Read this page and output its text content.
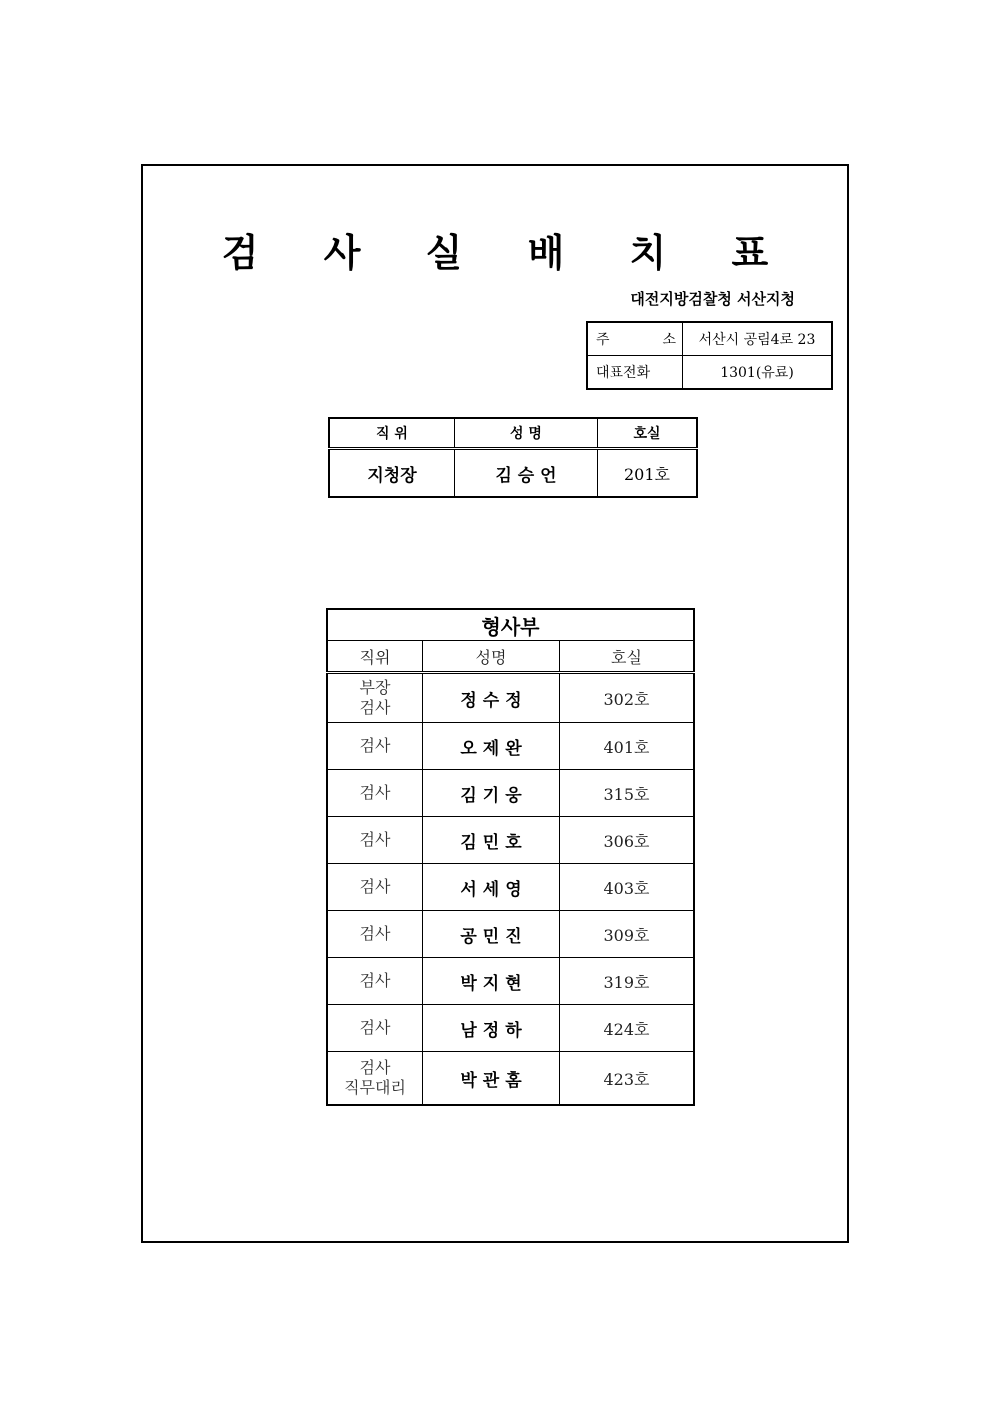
검 사 실 배 치 표
대전지방검찰청 서산지청
주 소	서산시 공림4로 23
대표전화	1301(유료)
직 위	성 명	호실
지청장	김 승 언	201호
형사부		
직위	성명	호실

부장
검사	정수정	302호

검사	오제완	401호

검사	김기웅	315호

검사	김민호	306호

검사	서세영	403호

검사	공민진	309호

검사	박지현	319호

검사	남정하	424호

검사
직무대리	박관홈	423호
